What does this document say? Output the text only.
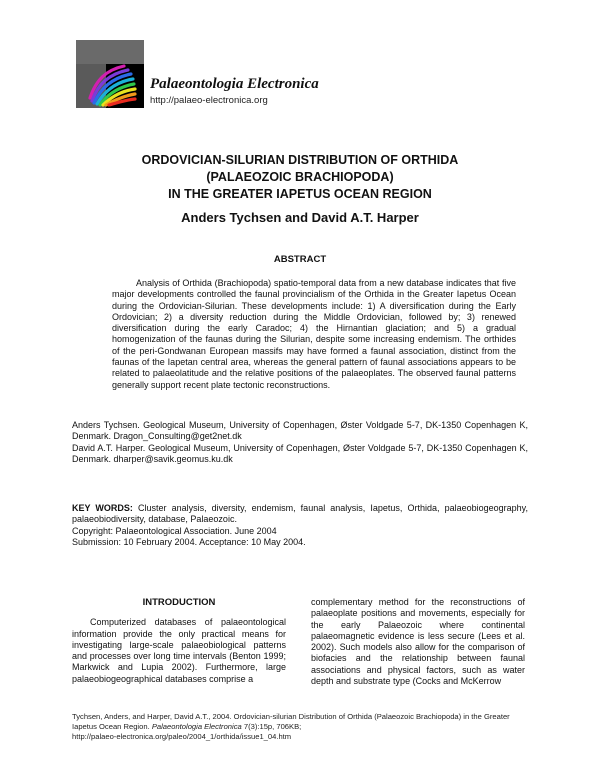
Palaeontologia Electronica
http://palaeo-electronica.org
ORDOVICIAN-SILURIAN DISTRIBUTION OF ORTHIDA
(PALAEOZOIC BRACHIOPODA)
IN THE GREATER IAPETUS OCEAN REGION
Anders Tychsen and David A.T. Harper
ABSTRACT

Analysis of Orthida (Brachiopoda) spatio-temporal data from a new database indicates that five major developments controlled the faunal provincialism of the Orthida in the Greater Iapetus Ocean during the Ordovician-Silurian. These developments include: 1) A diversification during the Early Ordovician; 2) a diversity reduction during the Middle Ordovician, followed by; 3) renewed diversification during the early Caradoc; 4) the Hirnantian glaciation; and 5) a gradual homogenization of the faunas during the Silurian, despite some increasing endemism. The orthides of the peri-Gondwanan European massifs may have formed a faunal association, distinct from the faunas of the Iapetan central area, whereas the general pattern of faunal associations appears to be related to palaeolatitude and the relative positions of the palaeoplates. The observed faunal patterns generally support recent plate tectonic reconstructions.

Anders Tychsen. Geological Museum, University of Copenhagen, Øster Voldgade 5-7, DK-1350 Copenhagen K, Denmark. Dragon_Consulting@get2net.dk

David A.T. Harper. Geological Museum, University of Copenhagen, Øster Voldgade 5-7, DK-1350 Copenhagen K, Denmark. dharper@savik.geomus.ku.dk

KEY WORDS: Cluster analysis, diversity, endemism, faunal analysis, Iapetus, Orthida, palaeobiogeography, palaeobiodiversity, database, Palaeozoic.

Copyright: Palaeontological Association. June 2004

Submission: 10 February 2004. Acceptance: 10 May 2004.

INTRODUCTION

Computerized databases of palaeontological information provide the only practical means for investigating large-scale palaeobiological patterns and processes over long time intervals (Benton 1999; Markwick and Lupia 2002). Furthermore, large palaeobiogeographical databases comprise a

complementary method for the reconstructions of palaeoplate positions and movements, especially for the early Palaeozoic where continental palaeomagnetic evidence is less secure (Lees et al. 2002). Such models also allow for the comparison of biofacies and the relationship between faunal associations and physical factors, such as water depth and substrate type (Cocks and McKerrow

Tychsen, Anders, and Harper, David A.T., 2004. Ordovician-silurian Distribution of Orthida (Palaeozoic Brachiopoda) in the Greater Iapetus Ocean Region. Palaeontologia Electronica 7(3):15p, 706KB;

http://palaeo-electronica.org/paleo/2004_1/orthida/issue1_04.htm
